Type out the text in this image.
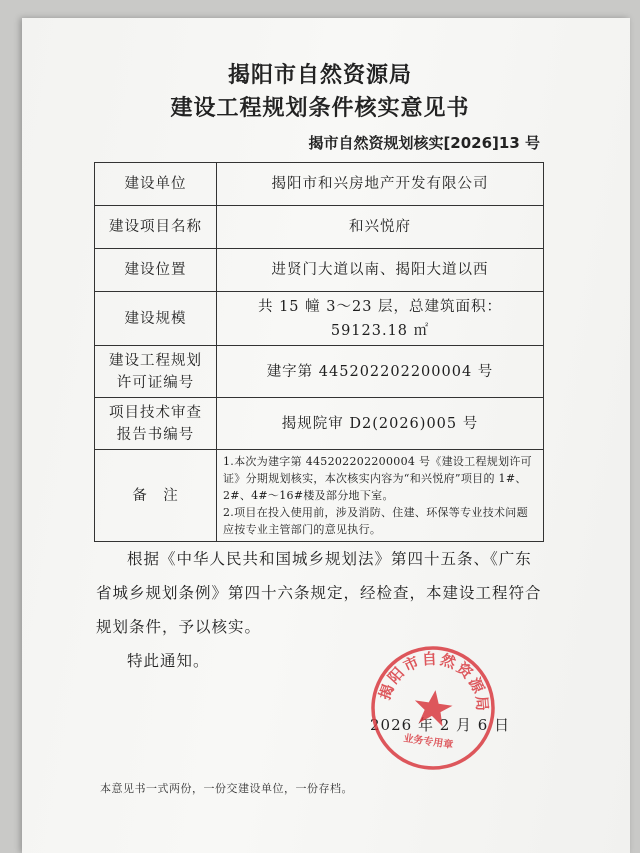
揭阳市自然资源局
建设工程规划条件核实意见书
揭市自然资规划核实[2026]13 号
建设单位	揭阳市和兴房地产开发有限公司
建设项目名称	和兴悦府
建设位置	进贤门大道以南、揭阳大道以西
建设规模	共 15 幢 3～23 层，总建筑面积：
59123.18 ㎡

建设工程规划
许可证编号	建字第 445202202200004 号

项目技术审查
报告书编号	揭规院审 D2(2026)005 号
备　注	1.本次为建字第 445202202200004 号《建设工程规划许可证》分期规划核实，本次核实内容为“和兴悦府”项目的 1#、2#、4#～16#楼及部分地下室。
2.项目在投入使用前，涉及消防、住建、环保等专业技术问题应按专业主管部门的意见执行。
根据《中华人民共和国城乡规划法》第四十五条、《广东省城乡规划条例》第四十六条规定，经检查，本建设工程符合规划条件，予以核实。
特此通知。
2026 年 2 月 6 日
揭阳市自然资源局
业务专用章
本意见书一式两份，一份交建设单位，一份存档。
